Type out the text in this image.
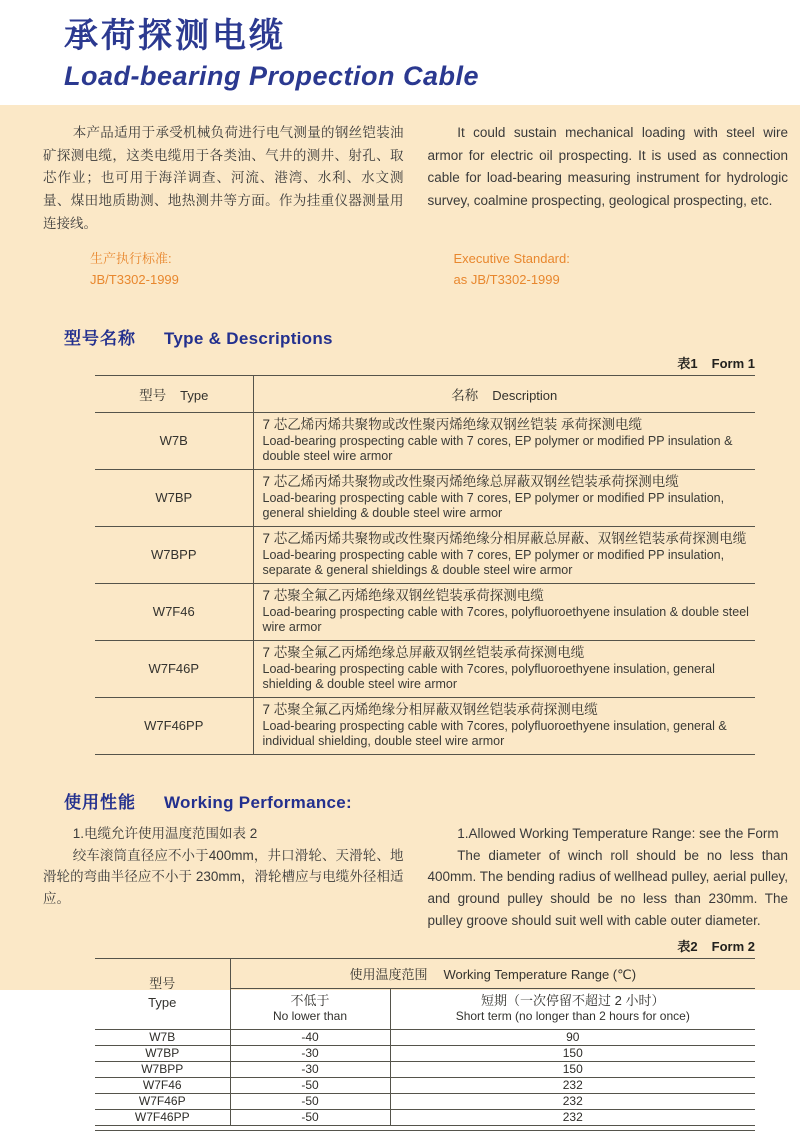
承荷探测电缆
Load-bearing Propection Cable

本产品适用于承受机械负荷进行电气测量的钢丝铠装油矿探测电缆，这类电缆用于各类油、气井的测井、射孔、取芯作业；也可用于海洋调查、河流、港湾、水利、水文测量、煤田地质勘测、地热测井等方面。作为挂重仪器测量用连接线。

It could sustain mechanical loading with steel wire armor for electric oil prospecting. It is used as connection cable for load-bearing measuring instrument for hydrologic survey, coalmine prospecting, geological prospecting, etc.

生产执行标准:
JB/T3302-1999
Executive Standard:
as JB/T3302-1999
型号名称 Type & Descriptions
表1 Form 1
型号 Type	名称 Description
W7B	7 芯乙烯丙烯共聚物或改性聚丙烯绝缘双钢丝铠装 承荷探测电缆
Load-bearing prospecting cable with 7 cores, EP polymer or modified PP insulation & double steel wire armor

W7BP	7 芯乙烯丙烯共聚物或改性聚丙烯绝缘总屏蔽双钢丝铠装承荷探测电缆
Load-bearing prospecting cable with 7 cores, EP polymer or modified PP insulation, general shielding & double steel wire armor

W7BPP	7 芯乙烯丙烯共聚物或改性聚丙烯绝缘分相屏蔽总屏蔽、双钢丝铠装承荷探测电缆
Load-bearing prospecting cable with 7 cores, EP polymer or modified PP insulation, separate & general shieldings & double steel wire armor

W7F46	7 芯聚全氟乙丙烯绝缘双钢丝铠装承荷探测电缆
Load-bearing prospecting cable with 7cores, polyfluoroethyene insulation & double steel wire armor

W7F46P	7 芯聚全氟乙丙烯绝缘总屏蔽双钢丝铠装承荷探测电缆
Load-bearing prospecting cable with 7cores, polyfluoroethyene insulation, general shielding & double steel wire armor

W7F46PP	7 芯聚全氟乙丙烯绝缘分相屏蔽双钢丝铠装承荷探测电缆
Load-bearing prospecting cable with 7cores, polyfluoroethyene insulation, general & individual shielding, double steel wire armor
使用性能 Working Performance:

1.电缆允许使用温度范围如表 2

绞车滚筒直径应不小于400mm，井口滑轮、天滑轮、地滑轮的弯曲半径应不小于 230mm，滑轮槽应与电缆外径相适应。

1.Allowed Working Temperature Range: see the Form

The diameter of winch roll should be no less than 400mm. The bending radius of wellhead pulley, aerial pulley, and ground pulley should be no less than 230mm. The pulley groove should suit well with cable outer diameter.

表2 Form 2
型号
Type	使用温度范围 Working Temperature Range (℃)	

不低于
No lower than

短期（一次停留不超过 2 小时）
Short term (no longer than 2 hours for once)

W7B	-40	90
W7BP	-30	150
W7BPP	-30	150
W7F46	-50	232
W7F46P	-50	232
W7F46PP	-50	232
